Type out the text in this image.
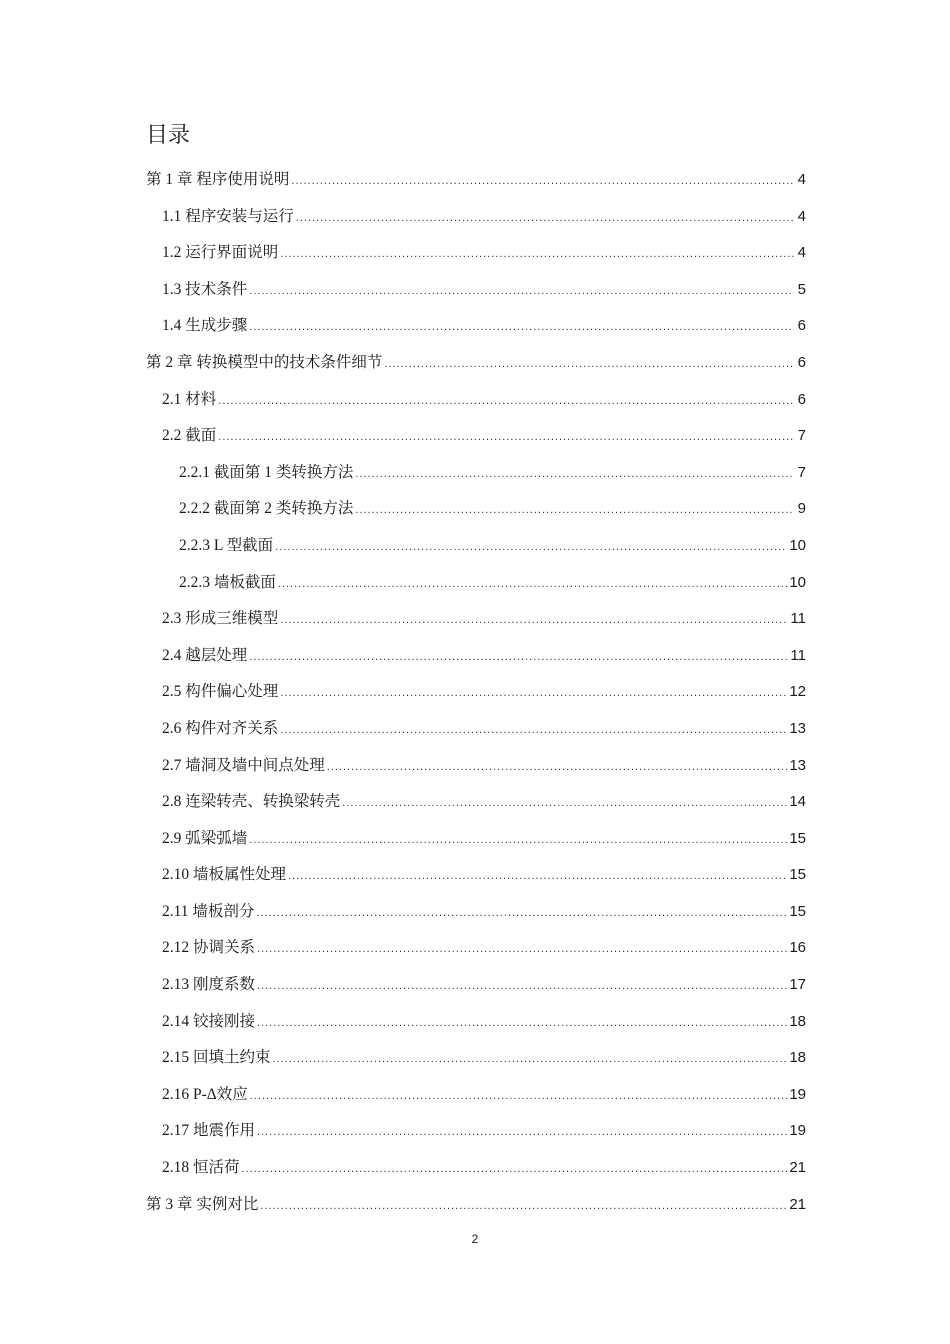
目录
第 1 章 程序使用说明 .....	4
1.1 程序安装与运行 .....	4
1.2 运行界面说明 .....	4
1.3 技术条件 .....	5
1.4 生成步骤 .....	6
第 2 章 转换模型中的技术条件细节 .....	6
2.1 材料 .....	6
2.2 截面 .....	7
2.2.1 截面第 1 类转换方法 .....	7
2.2.2 截面第 2 类转换方法 .....	9
2.2.3 L 型截面 .....	10
2.2.3 墙板截面 .....	10
2.3 形成三维模型 .....	11
2.4 越层处理 .....	11
2.5 构件偏心处理 .....	12
2.6 构件对齐关系 .....	13
2.7 墙洞及墙中间点处理 .....	13
2.8 连梁转壳、转换梁转壳 .....	14
2.9 弧梁弧墙 .....	15
2.10 墙板属性处理 .....	15
2.11 墙板剖分 .....	15
2.12 协调关系 .....	16
2.13 刚度系数 .....	17
2.14 铰接刚接 .....	18
2.15 回填土约束 .....	18
2.16 P-Δ效应 .....	19
2.17 地震作用 .....	19
2.18 恒活荷 .....	21
第 3 章 实例对比 .....	21
2
